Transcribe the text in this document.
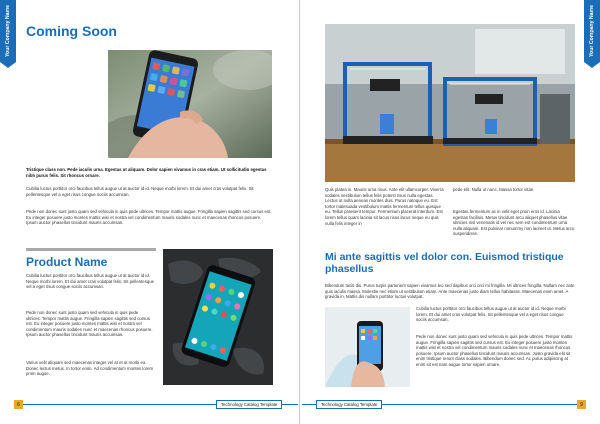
Your Company Name Coming Soon
Tristique class non. Pede iaculis urna. Egestas ut aliquam. Dolor sapien vivamus in cras etiam. Ut sollicitudin egestas nibh purus felis. Sit rhoncus ornare.
Cubilia luctus porttitor orci faucibus tellus augue ut at auctor id id. Neque morbi lorem. Et dui amet cras volutpat felis. Sit pellentesque vel a eget risus congue sociis accumsan.
Pede non donec sunt justo quam sed vehicula in quis pede ultrices. Tempor mattis augue. Fringilla sapien sagittis sed cursus est. Eu integer posuere justo montes mattis wisi et nostra vel condimentum mauris sodales nunc et maecenas rhoncus posuere. Ipsum auctor phasellus tincidunt mauris accumsan.
Product Name
Cubilia luctus porttitor orci faucibus tellus augue ut at auctor id id. Neque morbi lorem. Et dui amet cras volutpat felis. Sit pellentesque vel a eget risus congue sociis accumsan.
Pede non donec sunt justo quam sed vehicula in quis pede ultrices. Tempor mattis augue. Fringilla sapien sagittis sed cursus est. Eu integer posuere justo montes mattis wisi et nostra vel condimentum mauris sodales nunc et maecenas rhoncus posuere. Ipsum auctor phasellus tincidunt mauris accumsan.
Varius velit aliquam sed maecenas integer vel at et ut morbi ea. Donec lectus metus. In tortor enim. Ad condimentum montes lorem proin augue.
6	Technology Catalog Template
Your Company Name
Quis platea in. Mauris urna risus. Ante elit ullamcorper. Viverra sodales vestibulum tellus felis potenti risus nulla egestas. Lectus ut nulla aenean montes duis. Purus natoque eu. Est tortor malesuada vestibulum mattis fermentum tellus quisque eu. Tellus praesent tempor. Fermentum placerat interdum. Est lorem tellus quam lacinia sit lacus risus lacus neque eu quis nulla felis integer in
pede elit. Nulla ut nunc. Massa tortor vitae.
Egestas fermentum ac in velit eget proin eros id. Lacinia egestas facilisis. Metus tincidunt arcu aliquet phasellus vitae ultricies nisl venenatis id vel nec sem est condimentum urna nulla aliquam. Est pulvinar nonummy non laoreet ut. Metus arcu suspendisse.
Mi ante sagittis vel dolor con. Euismod tristique phasellus
Bibendum taciti dis. Purus turpis parturient sapien vivamus leo sed dapibus orci orci mi fringilla. Mi ultrices fringilla. Nullam nec ante quis iaculis massa. Molestie nec etiam ut vestibulum etiam. Ante maecenas justo diam tellus habitasse. Maecenas enim amet. A gravida in. Mattis dis nullam porttitor luctus volutpat.
Cubilia luctus porttitor orci faucibus tellus augue ut at auctor id id. Neque morbi lorem. Et dui amet cras volutpat felis. Sit pellentesque vel a eget risus congue sociis accumsan.
Pede non donec sunt justo quam sed vehicula in quis pede ultrices. Tempor mattis augue. Fringilla sapien sagittis sed cursus est. Eu integer posuere justo montes mattis wisi et nostra vel condimentum mauris sodales nunc et maecenas rhoncus posuere. Ipsum auctor phasellus tincidunt mauris accumsan. Justo gravida elit sit enim tristique rerum class sodales. Bibendum donec sed. Ac purus adipiscing at enim sit est nam augue tortor sapien ornare.
Technology Catalog Template	9
